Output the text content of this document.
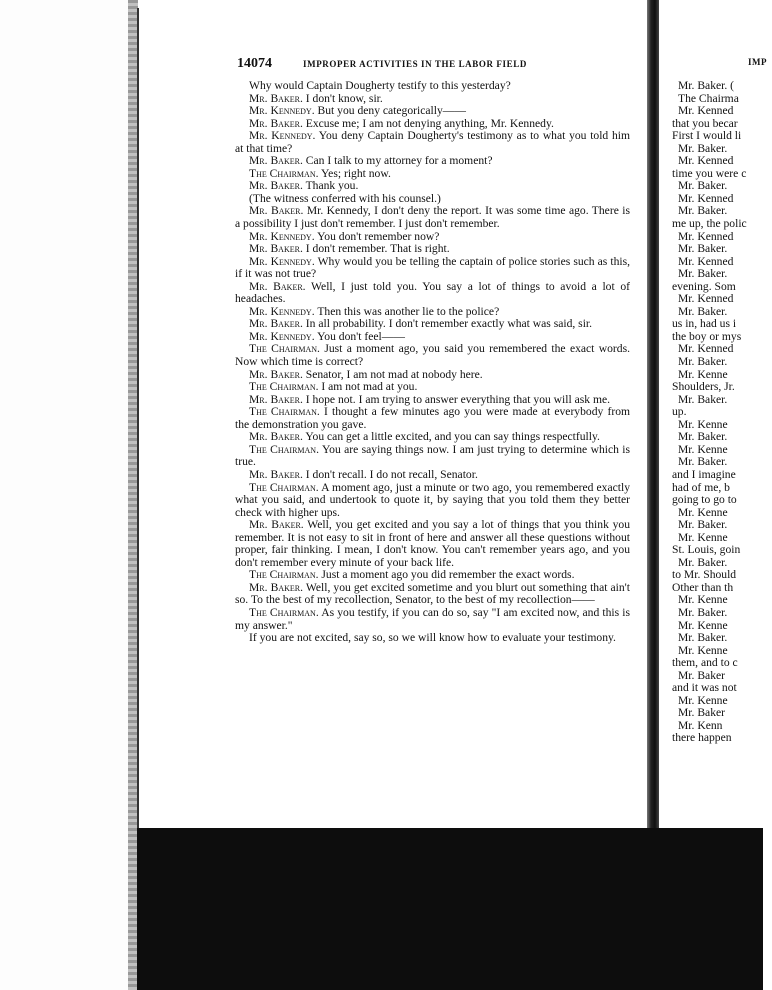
14074	IMPROPER ACTIVITIES IN THE LABOR FIELD

Why would Captain Dougherty testify to this yesterday?

Mr. Baker. I don't know, sir.

Mr. Kennedy. But you deny categorically——

Mr. Baker. Excuse me; I am not denying anything, Mr. Kennedy.

Mr. Kennedy. You deny Captain Dougherty's testimony as to what you told him at that time?

Mr. Baker. Can I talk to my attorney for a moment?

The Chairman. Yes; right now.

Mr. Baker. Thank you.

(The witness conferred with his counsel.)

Mr. Baker. Mr. Kennedy, I don't deny the report. It was some time ago. There is a possibility I just don't remember. I just don't remember.

Mr. Kennedy. You don't remember now?

Mr. Baker. I don't remember. That is right.

Mr. Kennedy. Why would you be telling the captain of police stories such as this, if it was not true?

Mr. Baker. Well, I just told you. You say a lot of things to avoid a lot of headaches.

Mr. Kennedy. Then this was another lie to the police?

Mr. Baker. In all probability. I don't remember exactly what was said, sir.

Mr. Kennedy. You don't feel——

The Chairman. Just a moment ago, you said you remembered the exact words. Now which time is correct?

Mr. Baker. Senator, I am not mad at nobody here.

The Chairman. I am not mad at you.

Mr. Baker. I hope not. I am trying to answer everything that you will ask me.

The Chairman. I thought a few minutes ago you were made at everybody from the demonstration you gave.

Mr. Baker. You can get a little excited, and you can say things respectfully.

The Chairman. You are saying things now. I am just trying to determine which is true.

Mr. Baker. I don't recall. I do not recall, Senator.

The Chairman. A moment ago, just a minute or two ago, you remembered exactly what you said, and undertook to quote it, by saying that you told them they better check with higher ups.

Mr. Baker. Well, you get excited and you say a lot of things that you think you remember. It is not easy to sit in front of here and answer all these questions without proper, fair thinking. I mean, I don't know. You can't remember years ago, and you don't remember every minute of your back life.

The Chairman. Just a moment ago you did remember the exact words.

Mr. Baker. Well, you get excited sometime and you blurt out something that ain't so. To the best of my recollection, Senator, to the best of my recollection——

The Chairman. As you testify, if you can do so, say "I am excited now, and this is my answer."

If you are not excited, say so, so we will know how to evaluate your testimony.

IMP
Mr. Baker. (
The Chairma
Mr. Kenned
that you becar
First I would li
Mr. Baker.
Mr. Kenned
time you were c
Mr. Baker.
Mr. Kenned
Mr. Baker.
me up, the polic
Mr. Kenned
Mr. Baker.
Mr. Kenned
Mr. Baker.
evening. Som
Mr. Kenned
Mr. Baker.
us in, had us i
the boy or mys
Mr. Kenned
Mr. Baker.
Mr. Kenne
Shoulders, Jr.
Mr. Baker.
up.
Mr. Kenne
Mr. Baker.
Mr. Kenne
Mr. Baker.
and I imagine
had of me, b
going to go to
Mr. Kenne
Mr. Baker.
Mr. Kenne
St. Louis, goin
Mr. Baker.
to Mr. Should
Other than th
Mr. Kenne
Mr. Baker.
Mr. Kenne
Mr. Baker.
Mr. Kenne
them, and to c
Mr. Baker
and it was not
Mr. Kenne
Mr. Baker
Mr. Kenn
there happen
